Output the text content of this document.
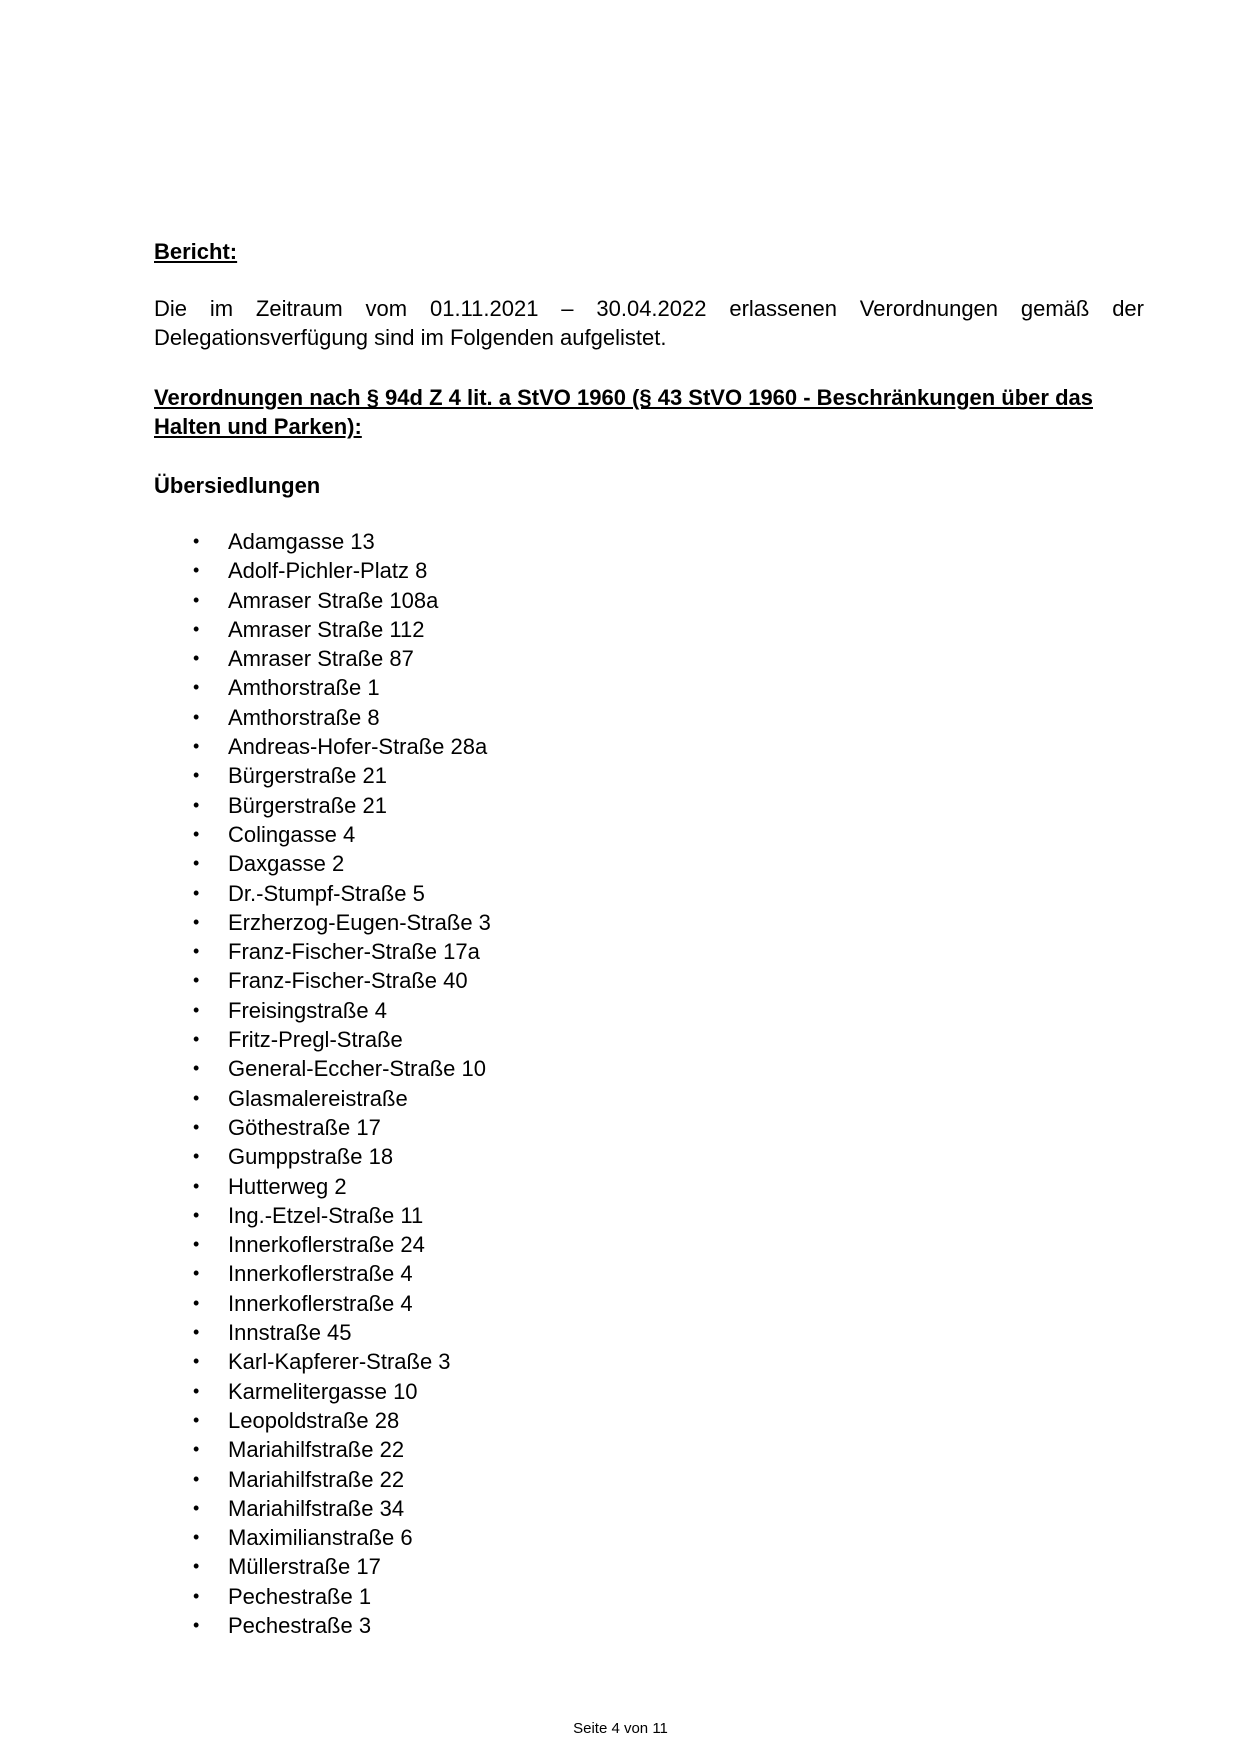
Bericht:

Die im Zeitraum vom 01.11.2021 – 30.04.2022 erlassenen Verordnungen gemäß der Delegationsverfügung sind im Folgenden aufgelistet.

Verordnungen nach § 94d Z 4 lit. a StVO 1960 (§ 43 StVO 1960 - Beschränkungen über das Halten und Parken):
Übersiedlungen
• Adamgasse 13
• Adolf-Pichler-Platz 8
• Amraser Straße 108a
• Amraser Straße 112
• Amraser Straße 87
• Amthorstraße 1
• Amthorstraße 8
• Andreas-Hofer-Straße 28a
• Bürgerstraße 21
• Bürgerstraße 21
• Colingasse 4
• Daxgasse 2
• Dr.-Stumpf-Straße 5
• Erzherzog-Eugen-Straße 3
• Franz-Fischer-Straße 17a
• Franz-Fischer-Straße 40
• Freisingstraße 4
• Fritz-Pregl-Straße
• General-Eccher-Straße 10
• Glasmalereistraße
• Göthestraße 17
• Gumppstraße 18
• Hutterweg 2
• Ing.-Etzel-Straße 11
• Innerkoflerstraße 24
• Innerkoflerstraße 4
• Innerkoflerstraße 4
• Innstraße 45
• Karl-Kapferer-Straße 3
• Karmelitergasse 10
• Leopoldstraße 28
• Mariahilfstraße 22
• Mariahilfstraße 22
• Mariahilfstraße 34
• Maximilianstraße 6
• Müllerstraße 17
• Pechestraße 1
• Pechestraße 3
Seite 4 von 11
